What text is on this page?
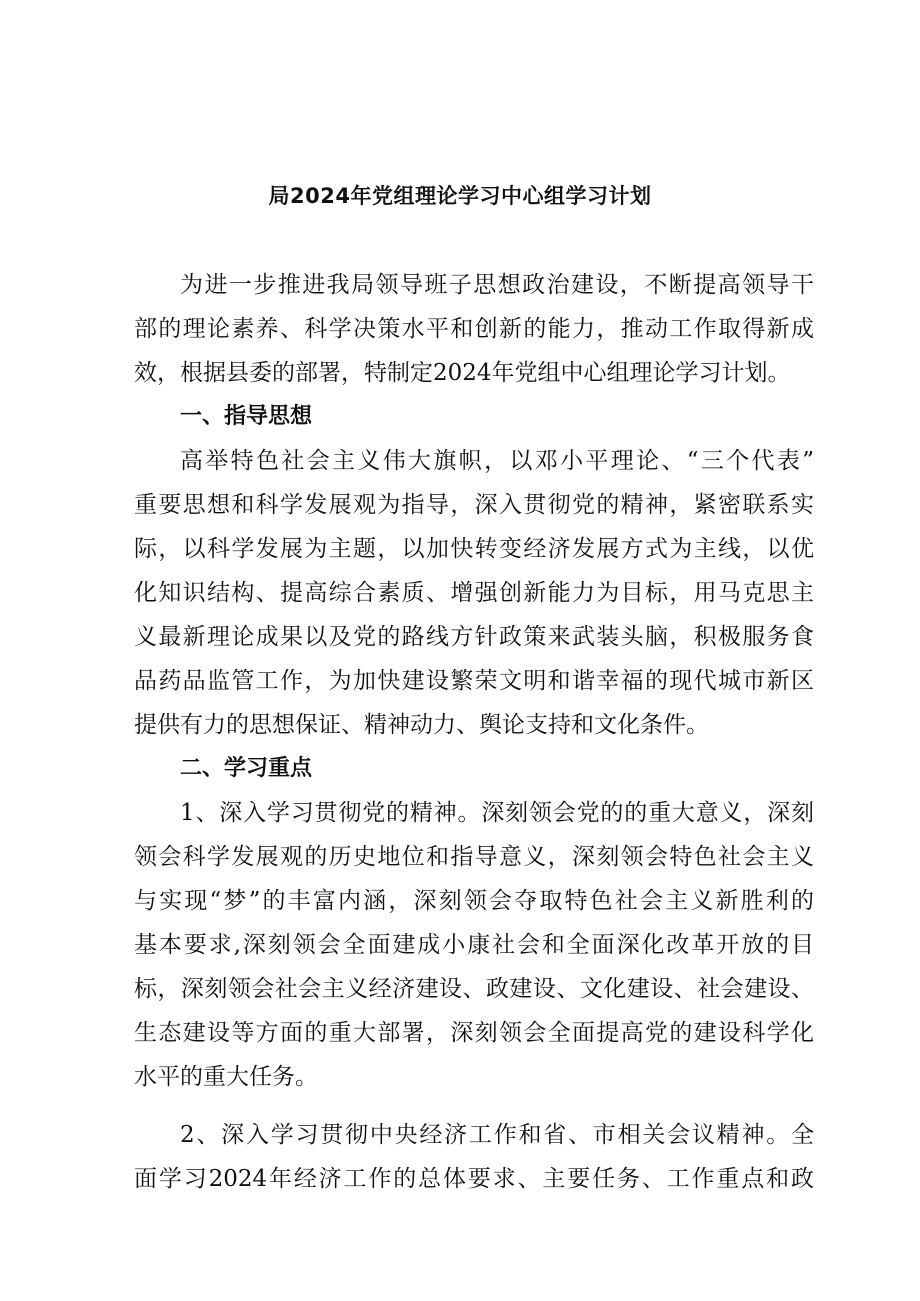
局2024年党组理论学习中心组学习计划
为进一步推进我局领导班子思想政治建设，不断提高领导干
部的理论素养、科学决策水平和创新的能力，推动工作取得新成
效，根据县委的部署，特制定2024年党组中心组理论学习计划。
一、指导思想
高举特色社会主义伟大旗帜，以邓小平理论、“三个代表”
重要思想和科学发展观为指导，深入贯彻党的精神，紧密联系实
际，以科学发展为主题，以加快转变经济发展方式为主线，以优
化知识结构、提高综合素质、增强创新能力为目标，用马克思主
义最新理论成果以及党的路线方针政策来武装头脑，积极服务食
品药品监管工作，为加快建设繁荣文明和谐幸福的现代城市新区
提供有力的思想保证、精神动力、舆论支持和文化条件。
二、学习重点
1、深入学习贯彻党的精神。深刻领会党的的重大意义，深刻
领会科学发展观的历史地位和指导意义，深刻领会特色社会主义
与实现“梦”的丰富内涵，深刻领会夺取特色社会主义新胜利的
基本要求,深刻领会全面建成小康社会和全面深化改革开放的目
标，深刻领会社会主义经济建设、政建设、文化建设、社会建设、
生态建设等方面的重大部署，深刻领会全面提高党的建设科学化
水平的重大任务。
2、深入学习贯彻中央经济工作和省、市相关会议精神。全
面学习2024年经济工作的总体要求、主要任务、工作重点和政
